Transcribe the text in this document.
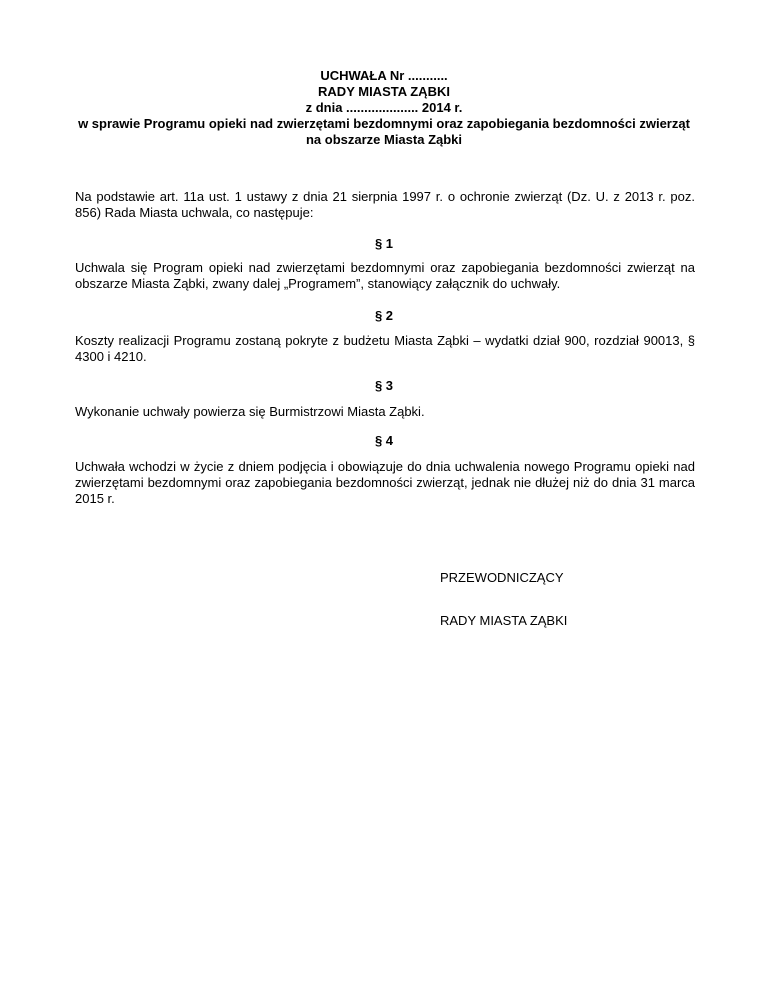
UCHWAŁA Nr ...........
RADY MIASTA ZĄBKI
z dnia .................... 2014 r.
w sprawie Programu opieki nad zwierzętami bezdomnymi oraz zapobiegania bezdomności zwierząt
na obszarze Miasta Ząbki
Na podstawie art. 11a ust. 1 ustawy z dnia 21 sierpnia 1997 r. o ochronie zwierząt (Dz. U. z 2013 r. poz. 856) Rada Miasta uchwala, co następuje:
§ 1
Uchwala się Program opieki nad zwierzętami bezdomnymi oraz zapobiegania bezdomności zwierząt na obszarze Miasta Ząbki, zwany dalej „Programem”, stanowiący załącznik do uchwały.
§ 2
Koszty realizacji Programu zostaną pokryte z budżetu Miasta Ząbki – wydatki dział 900, rozdział 90013, § 4300 i 4210.
§ 3
Wykonanie uchwały powierza się Burmistrzowi Miasta Ząbki.
§ 4
Uchwała wchodzi w życie z dniem podjęcia i obowiązuje do dnia uchwalenia nowego Programu opieki nad zwierzętami bezdomnymi oraz zapobiegania bezdomności zwierząt, jednak nie dłużej niż do dnia 31 marca 2015 r.
PRZEWODNICZĄCY
RADY MIASTA ZĄBKI
